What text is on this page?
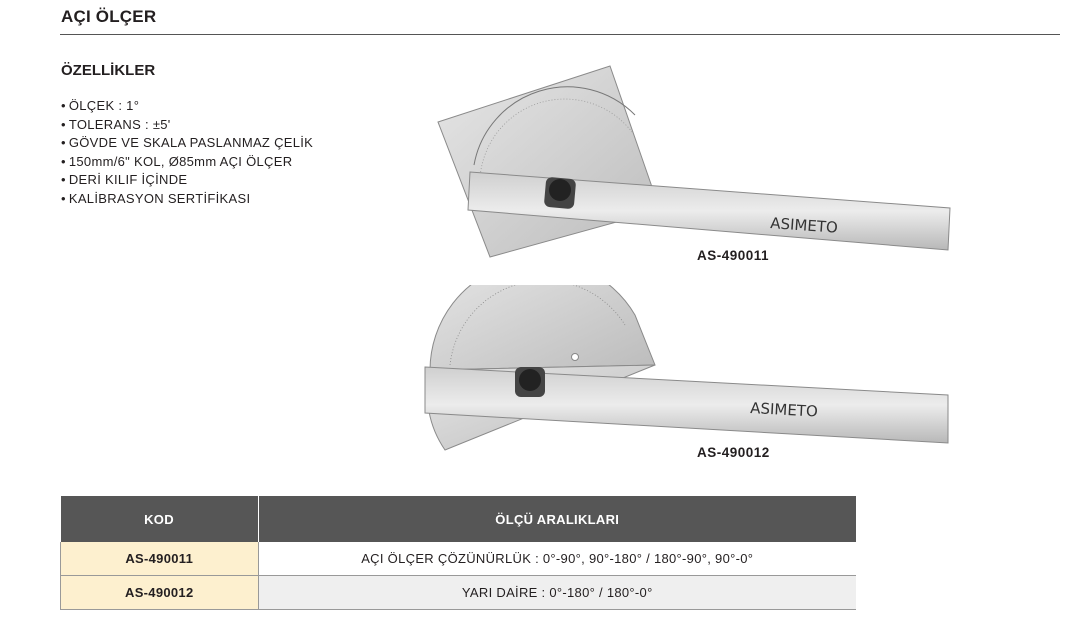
AÇI ÖLÇER
ÖZELLİKLER
• ÖLÇEK : 1°
• TOLERANS : ±5'
• GÖVDE VE SKALA PASLANMAZ ÇELİK
• 150mm/6" KOL, Ø85mm AÇI ÖLÇER
• DERİ KILIF İÇİNDE
• KALİBRASYON SERTİFİKASI
ASIMETO
AS-490011
ASIMETO
AS-490012
KOD	ÖLÇÜ ARALIKLARI
AS-490011	AÇI ÖLÇER ÇÖZÜNÜRLÜK : 0°-90°, 90°-180° / 180°-90°, 90°-0°
AS-490012	YARI DAİRE : 0°-180° / 180°-0°
